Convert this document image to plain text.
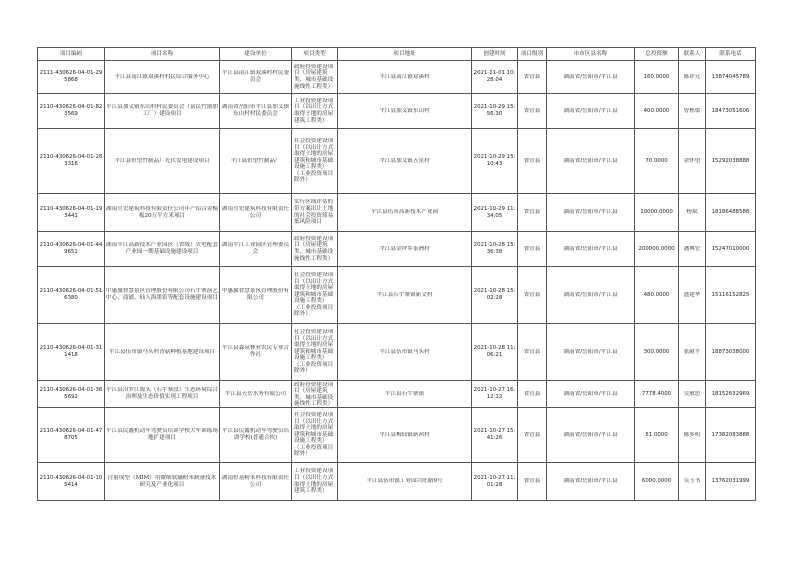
项目编码	项目名称	建设单位	项目类型	项目地址	创建时间	项目级别	市市区县名称	总投资额	联系人	联系电话

2111-430626-04-01-295868	平江县南江镇双溪村村民综合服务中心	平江县南江镇双溪村村民委员会	政府投资建设项目（房屋建筑类、城市基础设施线性工程类）	平江县南江镇双溪村	2021-11-01 10:28:04	省管县	湖南省/岳阳市/平江县	160.0000	陈祥元	13874045789

2110-430626-04-01-823569	平江县加义镇东山村村民委员会（富民竹器加工厂）建设项目	湖南省岳阳市平江县加义镇东山村村民委员会	工业投资建设项目（以出让方式取得土地的房屋建筑工程类）	平江县加义镇东山村	2021-10-29 15:56:30	省管县	湖南省/岳阳市/平江县	400.0000	曾栋梁	18473051606

2110-430626-04-01-283316	平江县恒望竹制品厂光伏发电建设项目	平江县恒望竹制品厂	社会投资建设项目（以出让方式取得土地的房屋建筑和城市基础设施工程类）（工业投资项目除外）	平江县加义镇五星村	2021-10-29 15:10:43	省管县	湖南省/岳阳市/平江县	70.0000	余怀望	15292038888

2110-430626-04-01-193441	湖南昱宏建筑科技有限责任公司年产铝合金模板20万平方米项目	湖南昱宏建筑科技有限责任公司	实行区域评估的带方案出让土地的社会投资简易低风险项目	平江县伍市高新技术产业园	2021-10-29 11:34:05	省管县	湖南省/岳阳市/平江县	10000.0000	杨斌	18186488588

2110-430626-04-01-449651	湖南平江高新技术产业园区（省级）火电配套产业园一期基础设施建设项目	湖南平江工业园区管理委员会	政府投资建设项目（房屋建筑类、城市基础设施线性工程类）	平江县金坪乡茶洲村	2021-10-28 15:36:38	省管县	湖南省/岳阳市/平江县	200000.0000	潘典宏	15247010000

2110-430626-04-01-516380	中惠旅智慧景区管理股份有限公司石牛寨演艺中心、商铺、仙人海墨馆等配套设施建设项目	中惠旅智慧景区管理股份有限公司	社会投资建设项目（以出让方式取得土地的房屋建筑和城市基础设施工程类）（工业投资项目除外）	平江县石牛寨镇新文村	2021-10-28 15:02:28	省管县	湖南省/岳阳市/平江县	480.0000	盛建华	15116152825

2110-430626-04-01-311418	平江县伍市镇马头村香菇种植基地建设项目	平江县森泉林业农民专业合作社	社会投资建设项目（以出让方式取得土地的房屋建筑和城市基础设施工程类）（工业投资项目除外）	平江县伍市镇马头村	2021-10-28 11:06:21	省管县	湖南省/岳阳市/平江县	300.0000	张献平	18873038000

2110-430626-04-01-365692	平江县汨罗江源头（石牛寨段）生态环境综合治理及生态价值实现工程项目	平江县天岳水务有限公司	政府投资建设项目（房屋建筑类、城市基础设施线性工程类）	平江县石牛寨镇	2021-10-27 16:12:12	省管县	湖南省/岳阳市/平江县	7778.4000	吴敏思	18152632969

2110-430626-04-01-478705	平江县民鑫机动车驾驶员培训学校大车训练场地扩建项目	平江县民鑫机动车驾驶员培训学校(普通合伙)	社会投资建设项目（以出让方式取得土地的房屋建筑和城市基础设施工程类）（工业投资项目除外）	平江县梅仙镇新茜村	2021-10-27 15:41:26	省管县	湖南省/岳阳市/平江县	51.0000	陈多明	17382083888

2110-430626-04-01-105414	注射成型（MIM）用微细软磁粉末制备技术研究及产业化项目	湖南恒基粉末科技有限责任公司	工业投资建设项目（以出让方式取得土地的房屋建筑工程类）	平江县伍市镇工业园兴旺路9号	2021-10-27 11:01:28	省管县	湖南省/岳阳市/平江县	6000.0000	吴玉书	13762031999
